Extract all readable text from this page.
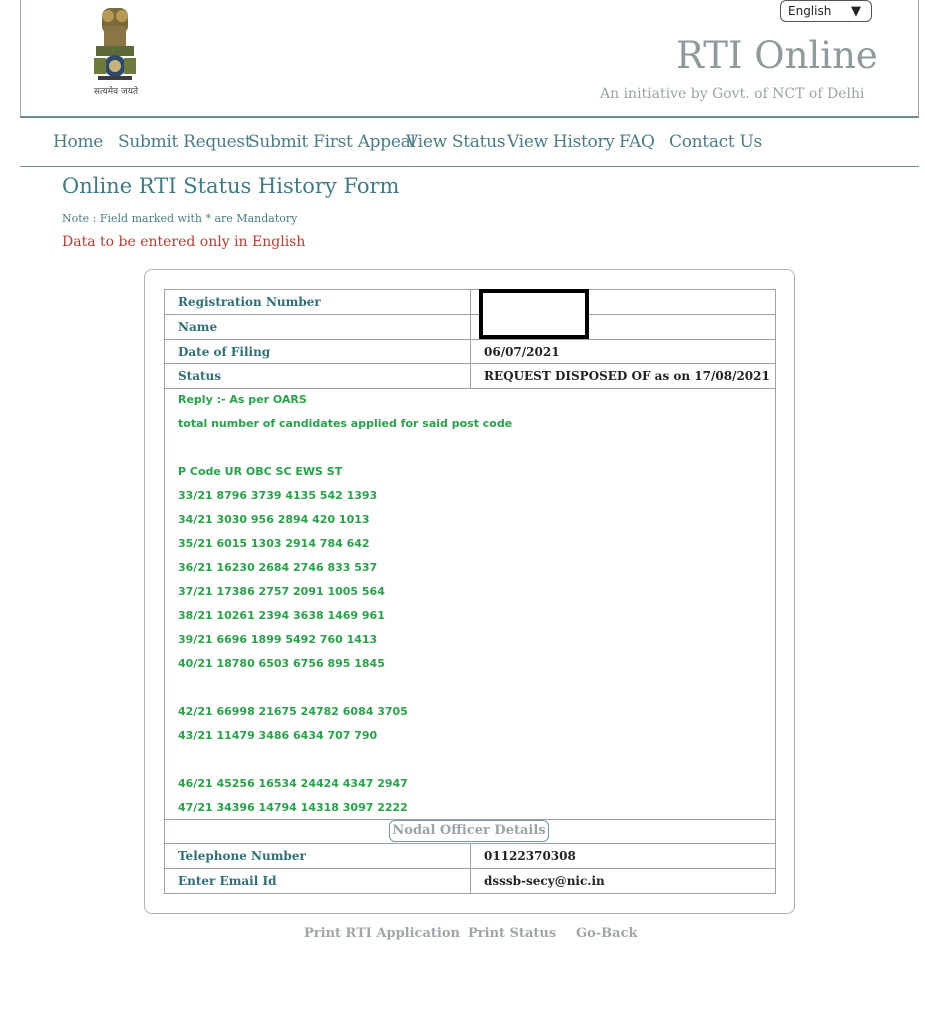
सत्यमेव जयते
English ▼
RTI Online
An initiative by Govt. of NCT of Delhi
Home Submit Request
Submit First Appeal
View Status View History FAQ Contact Us
Online RTI Status History Form
Note : Field marked with * are Mandatory
Data to be entered only in English
Registration Number	
Name	
Date of Filing	06/07/2021
Status	REQUEST DISPOSED OF as on 17/08/2021

Telephone Number	01122370308
Enter Email Id	dsssb-secy@nic.in
Reply :- As per OARS
total number of candidates applied for said post code
P Code UR OBC SC EWS ST
33/21 8796 3739 4135 542 1393
34/21 3030 956 2894 420 1013
35/21 6015 1303 2914 784 642
36/21 16230 2684 2746 833 537
37/21 17386 2757 2091 1005 564
38/21 10261 2394 3638 1469 961
39/21 6696 1899 5492 760 1413
40/21 18780 6503 6756 895 1845
42/21 66998 21675 24782 6084 3705
43/21 11479 3486 6434 707 790
46/21 45256 16534 24424 4347 2947
47/21 34396 14794 14318 3097 2222
Nodal Officer Details
Print RTI Application Print Status Go-Back
